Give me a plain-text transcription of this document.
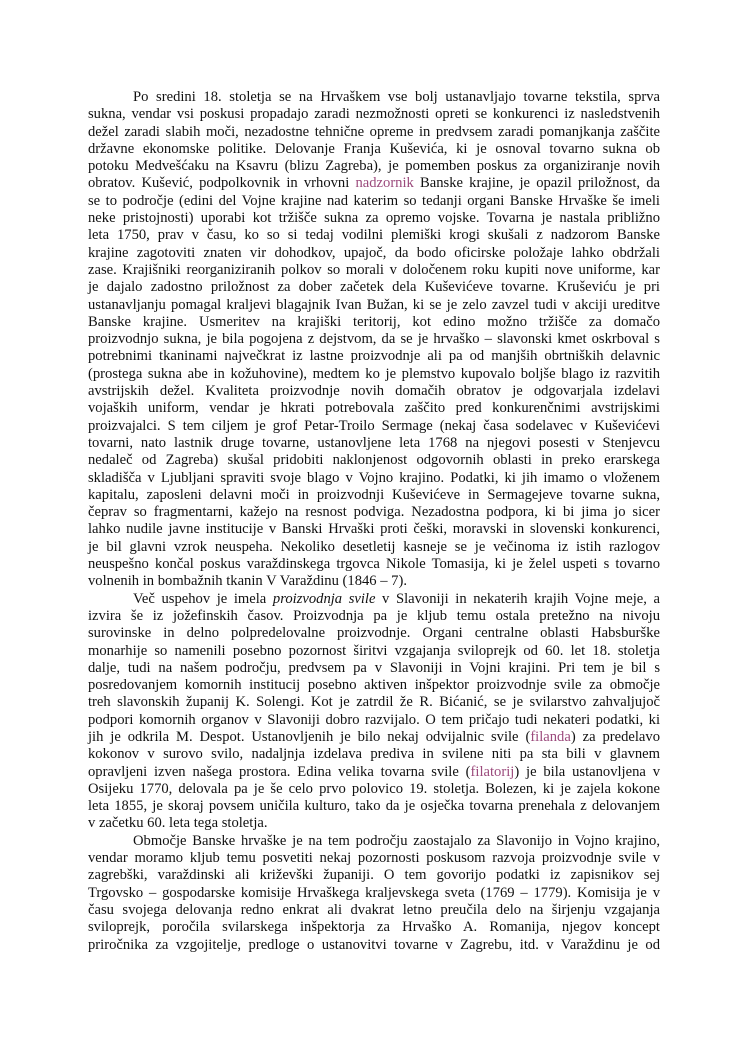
Po sredini 18. stoletja se na Hrvaškem vse bolj ustanavljajo tovarne tekstila, sprva
sukna, vendar vsi poskusi propadajo zaradi nezmožnosti opreti se konkurenci iz nasledstvenih
dežel zaradi slabih moči, nezadostne tehnične opreme in predvsem zaradi pomanjkanja zaščite
državne ekonomske politike. Delovanje Franja Kuševića, ki je osnoval tovarno sukna ob
potoku Medvešćaku na Ksavru (blizu Zagreba), je pomemben poskus za organiziranje novih
obratov. Kušević, podpolkovnik in vrhovni nadzornik Banske krajine, je opazil priložnost, da
se to področje (edini del Vojne krajine nad katerim so tedanji organi Banske Hrvaške še imeli
neke pristojnosti) uporabi kot tržišče sukna za opremo vojske. Tovarna je nastala približno
leta 1750, prav v času, ko so si tedaj vodilni plemiški krogi skušali z nadzorom Banske
krajine zagotoviti znaten vir dohodkov, upajoč, da bodo oficirske položaje lahko obdržali
zase. Krajišniki reorganiziranih polkov so morali v določenem roku kupiti nove uniforme, kar
je dajalo zadostno priložnost za dober začetek dela Kuševićeve tovarne. Kruševiću je pri
ustanavljanju pomagal kraljevi blagajnik Ivan Bužan, ki se je zelo zavzel tudi v akciji ureditve
Banske krajine. Usmeritev na krajiški teritorij, kot edino možno tržišče za domačo
proizvodnjo sukna, je bila pogojena z dejstvom, da se je hrvaško – slavonski kmet oskrboval s
potrebnimi tkaninami največkrat iz lastne proizvodnje ali pa od manjših obrtniških delavnic
(prostega sukna abe in kožuhovine), medtem ko je plemstvo kupovalo boljše blago iz razvitih
avstrijskih dežel. Kvaliteta proizvodnje novih domačih obratov je odgovarjala izdelavi
vojaških uniform, vendar je hkrati potrebovala zaščito pred konkurenčnimi avstrijskimi
proizvajalci. S tem ciljem je grof Petar-Troilo Sermage (nekaj časa sodelavec v Kuševićevi
tovarni, nato lastnik druge tovarne, ustanovljene leta 1768 na njegovi posesti v Stenjevcu
nedaleč od Zagreba) skušal pridobiti naklonjenost odgovornih oblasti in preko erarskega
skladišča v Ljubljani spraviti svoje blago v Vojno krajino. Podatki, ki jih imamo o vloženem
kapitalu, zaposleni delavni moči in proizvodnji Kuševićeve in Sermagejeve tovarne sukna,
čeprav so fragmentarni, kažejo na resnost podviga. Nezadostna podpora, ki bi jima jo sicer
lahko nudile javne institucije v Banski Hrvaški proti češki, moravski in slovenski konkurenci,
je bil glavni vzrok neuspeha. Nekoliko desetletij kasneje se je večinoma iz istih razlogov
neuspešno končal poskus varaždinskega trgovca Nikole Tomasija, ki je želel uspeti s tovarno
volnenih in bombažnih tkanin V Varaždinu (1846 – 7).
Več uspehov je imela proizvodnja svile v Slavoniji in nekaterih krajih Vojne meje, a
izvira še iz jožefinskih časov. Proizvodnja pa je kljub temu ostala pretežno na nivoju
surovinske in delno polpredelovalne proizvodnje. Organi centralne oblasti Habsburške
monarhije so namenili posebno pozornost širitvi vzgajanja sviloprejk od 60. let 18. stoletja
dalje, tudi na našem področju, predvsem pa v Slavoniji in Vojni krajini. Pri tem je bil s
posredovanjem komornih institucij posebno aktiven inšpektor proizvodnje svile za območje
treh slavonskih županij K. Solengi. Kot je zatrdil že R. Bićanić, se je svilarstvo zahvaljujoč
podpori komornih organov v Slavoniji dobro razvijalo. O tem pričajo tudi nekateri podatki, ki
jih je odkrila M. Despot. Ustanovljenih je bilo nekaj odvijalnic svile (filanda) za predelavo
kokonov v surovo svilo, nadaljnja izdelava prediva in svilene niti pa sta bili v glavnem
opravljeni izven našega prostora. Edina velika tovarna svile (filatorij) je bila ustanovljena v
Osijeku 1770, delovala pa je še celo prvo polovico 19. stoletja. Bolezen, ki je zajela kokone
leta 1855, je skoraj povsem uničila kulturo, tako da je osječka tovarna prenehala z delovanjem
v začetku 60. leta tega stoletja.
Območje Banske hrvaške je na tem področju zaostajalo za Slavonijo in Vojno krajino,
vendar moramo kljub temu posvetiti nekaj pozornosti poskusom razvoja proizvodnje svile v
zagrebški, varaždinski ali križevški županiji. O tem govorijo podatki iz zapisnikov sej
Trgovsko – gospodarske komisije Hrvaškega kraljevskega sveta (1769 – 1779). Komisija je v
času svojega delovanja redno enkrat ali dvakrat letno preučila delo na širjenju vzgajanja
sviloprejk, poročila svilarskega inšpektorja za Hrvaško A. Romanija, njegov koncept
priročnika za vzgojitelje, predloge o ustanovitvi tovarne v Zagrebu, itd. v Varaždinu je od
